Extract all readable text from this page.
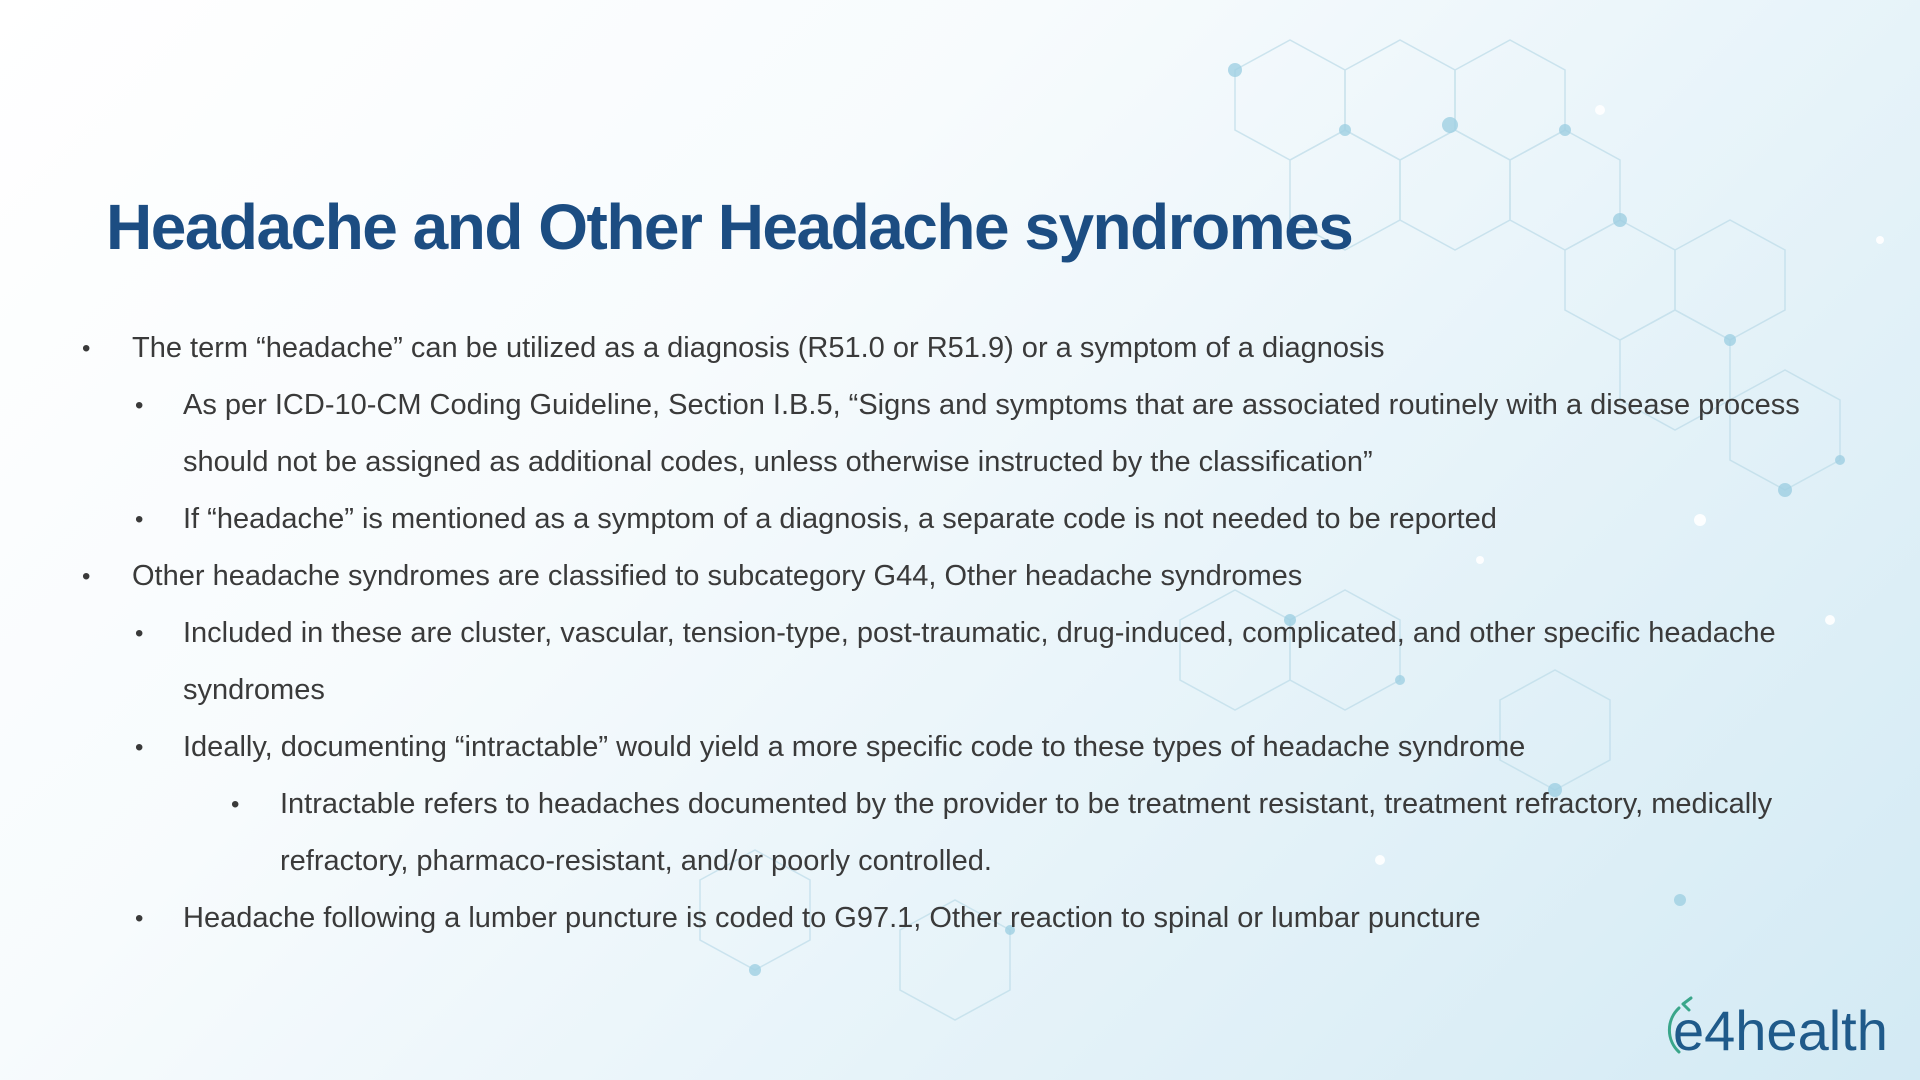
Headache and Other Headache syndromes
• The term “headache” can be utilized as a diagnosis (R51.0 or R51.9) or a symptom of a diagnosis
• As per ICD-10-CM Coding Guideline, Section I.B.5, “Signs and symptoms that are associated routinely with a disease process should not be assigned as additional codes, unless otherwise instructed by the classification”
• If “headache” is mentioned as a symptom of a diagnosis, a separate code is not needed to be reported
• Other headache syndromes are classified to subcategory G44, Other headache syndromes
• Included in these are cluster, vascular, tension-type, post-traumatic, drug-induced, complicated, and other specific headache syndromes
• Ideally, documenting “intractable” would yield a more specific code to these types of headache syndrome
• Intractable refers to headaches documented by the provider to be treatment resistant, treatment refractory, medically refractory, pharmaco-resistant, and/or poorly controlled.
• Headache following a lumber puncture is coded to G97.1, Other reaction to spinal or lumbar puncture
e4health
